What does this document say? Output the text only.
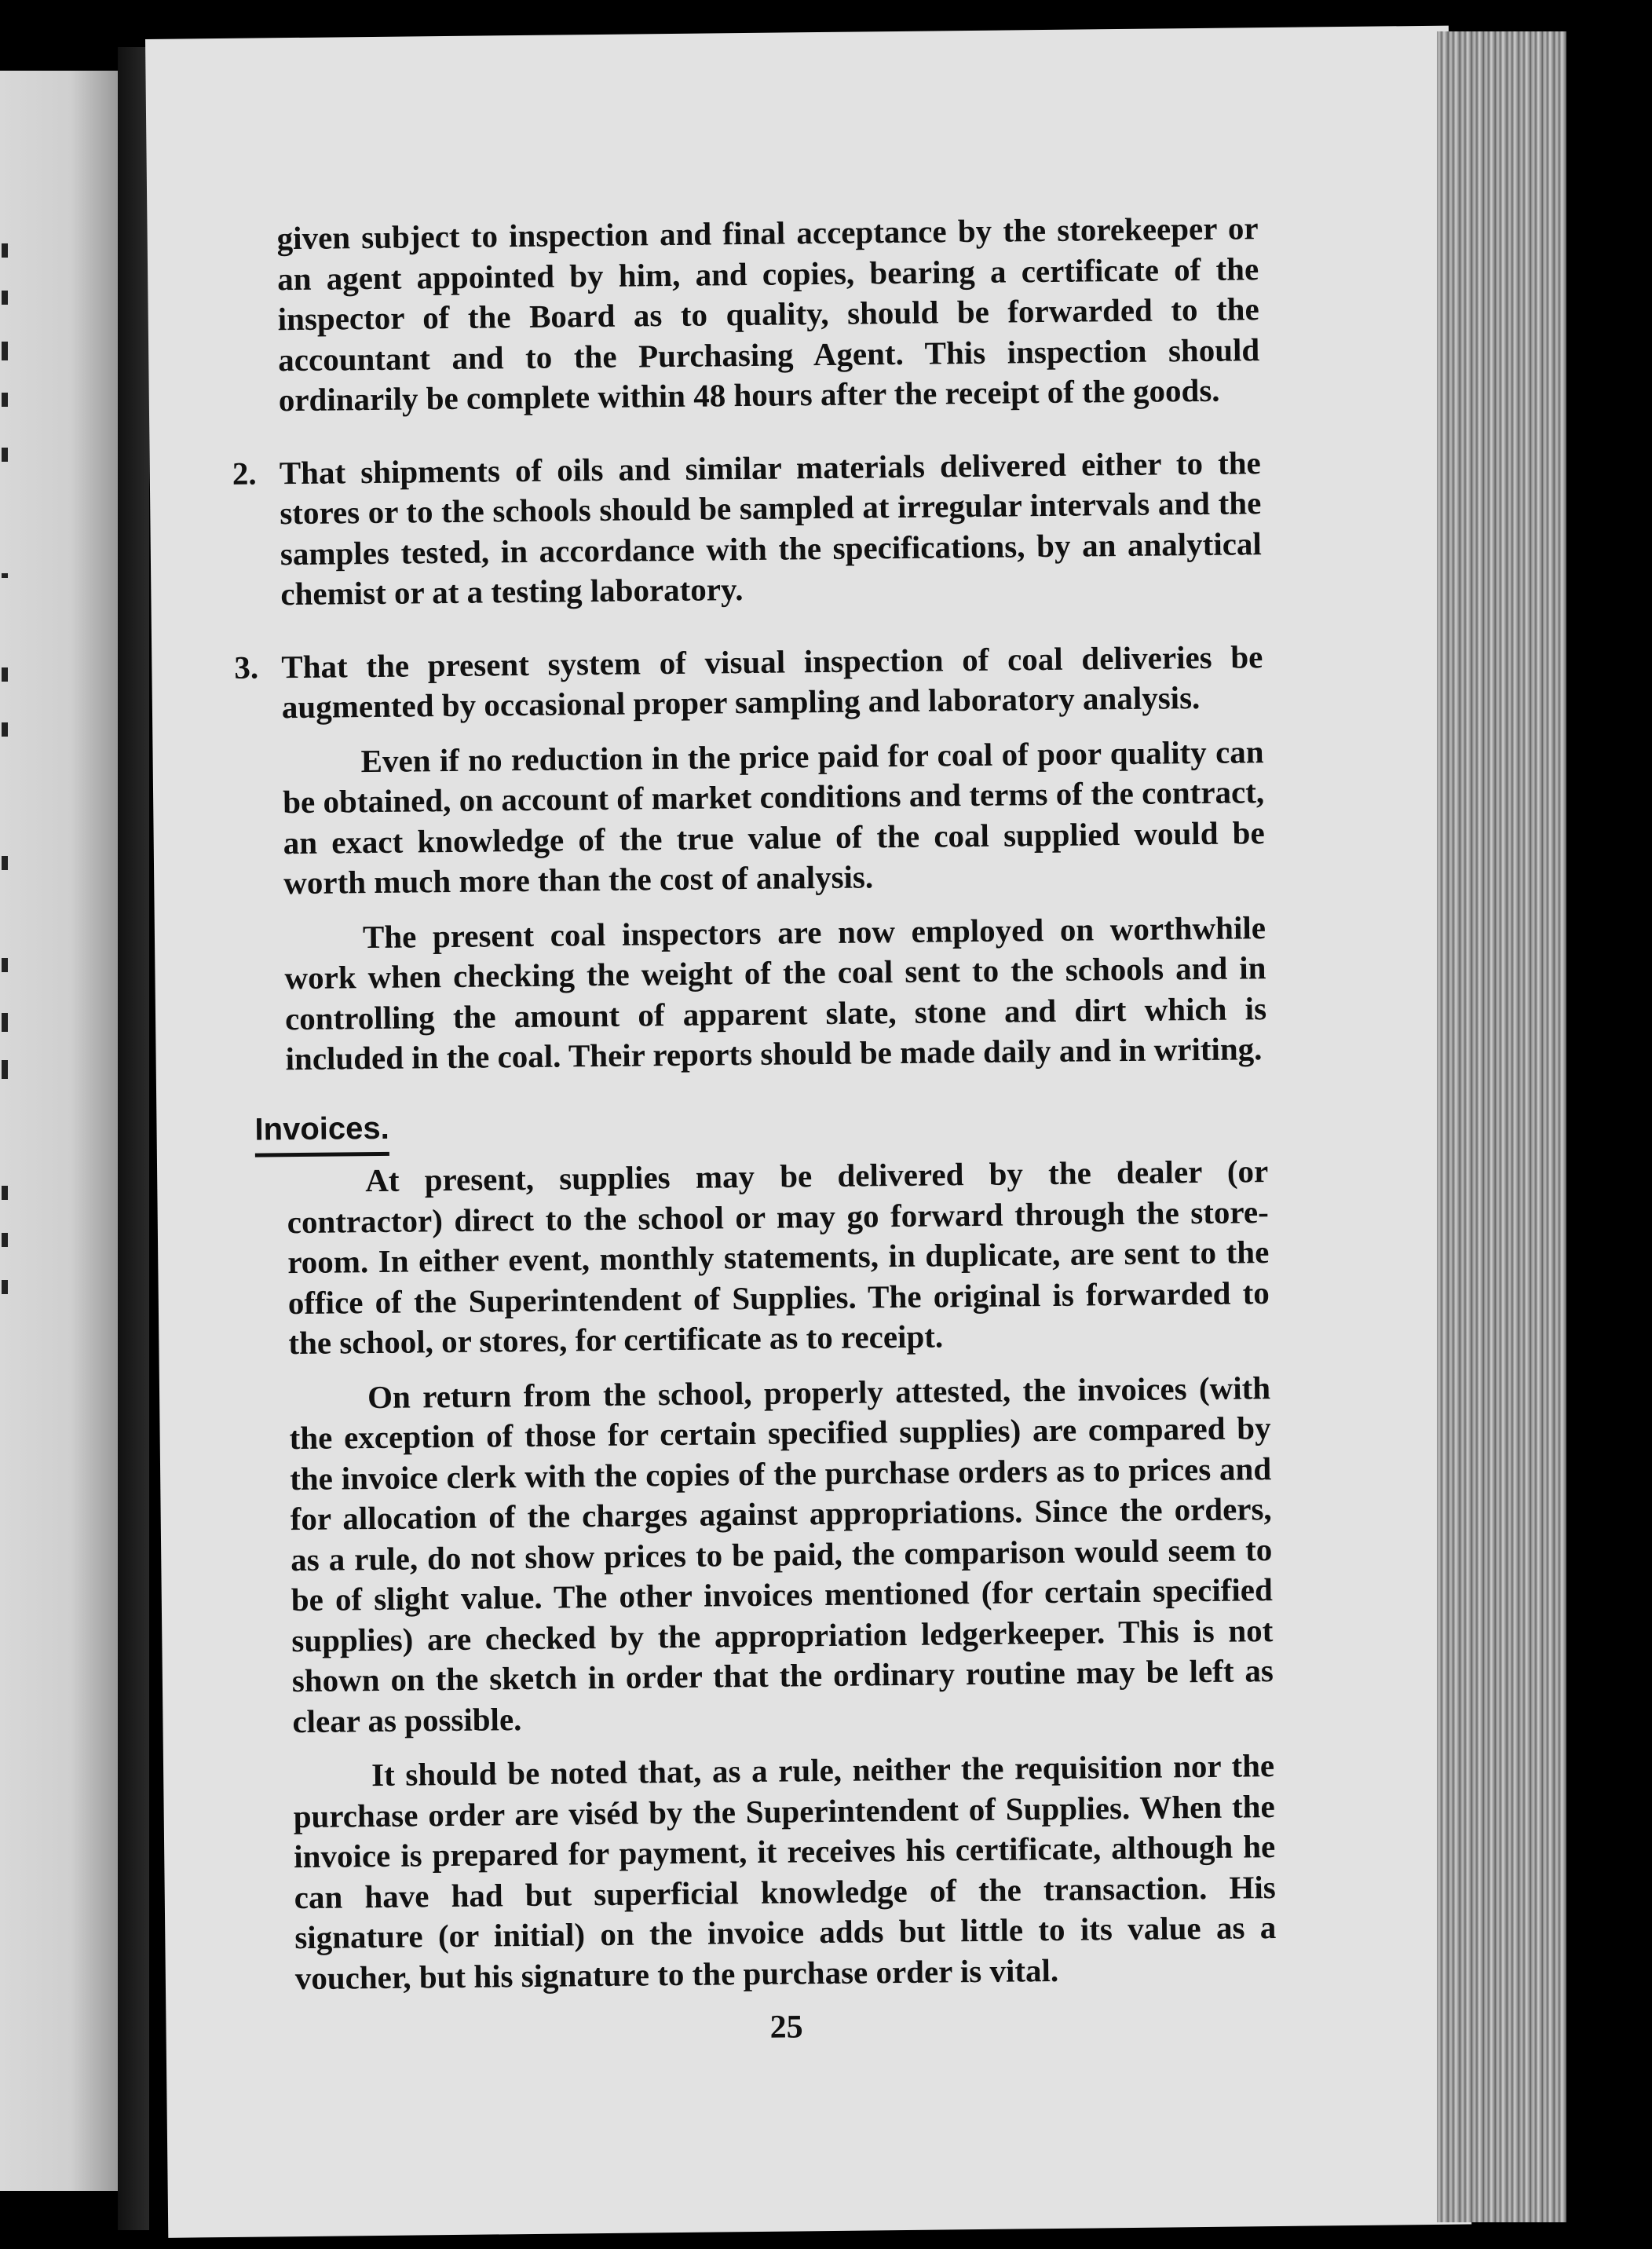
given subject to inspection and final acceptance by the storekeeper or an agent appointed by him, and copies, bearing a certificate of the inspector of the Board as to quality, should be forwarded to the accountant and to the Purchasing Agent. This inspection should ordinarily be complete within 48 hours after the receipt of the goods.

2. That shipments of oils and similar materials delivered either to the stores or to the schools should be sampled at irregular intervals and the samples tested, in accordance with the specifications, by an analytical chemist or at a testing laboratory.

3. That the present system of visual inspection of coal deliveries be augmented by occasional proper sampling and laboratory analysis.

Even if no reduction in the price paid for coal of poor quality can be obtained, on account of market conditions and terms of the contract, an exact knowledge of the true value of the coal supplied would be worth much more than the cost of analysis.

The present coal inspectors are now employed on worthwhile work when checking the weight of the coal sent to the schools and in controlling the amount of apparent slate, stone and dirt which is included in the coal. Their reports should be made daily and in writing.

Invoices.

At present, supplies may be delivered by the dealer (or contractor) direct to the school or may go forward through the store-room. In either event, monthly statements, in duplicate, are sent to the office of the Superintendent of Supplies. The original is forwarded to the school, or stores, for certificate as to receipt.

On return from the school, properly attested, the invoices (with the exception of those for certain specified supplies) are compared by the invoice clerk with the copies of the purchase orders as to prices and for allocation of the charges against appropriations. Since the orders, as a rule, do not show prices to be paid, the comparison would seem to be of slight value. The other invoices mentioned (for certain specified supplies) are checked by the appropriation ledgerkeeper. This is not shown on the sketch in order that the ordinary routine may be left as clear as possible.

It should be noted that, as a rule, neither the requisition nor the purchase order are viséd by the Superintendent of Supplies. When the invoice is prepared for payment, it receives his certificate, although he can have had but superficial knowledge of the transaction. His signature (or initial) on the invoice adds but little to its value as a voucher, but his signature to the purchase order is vital.

25
